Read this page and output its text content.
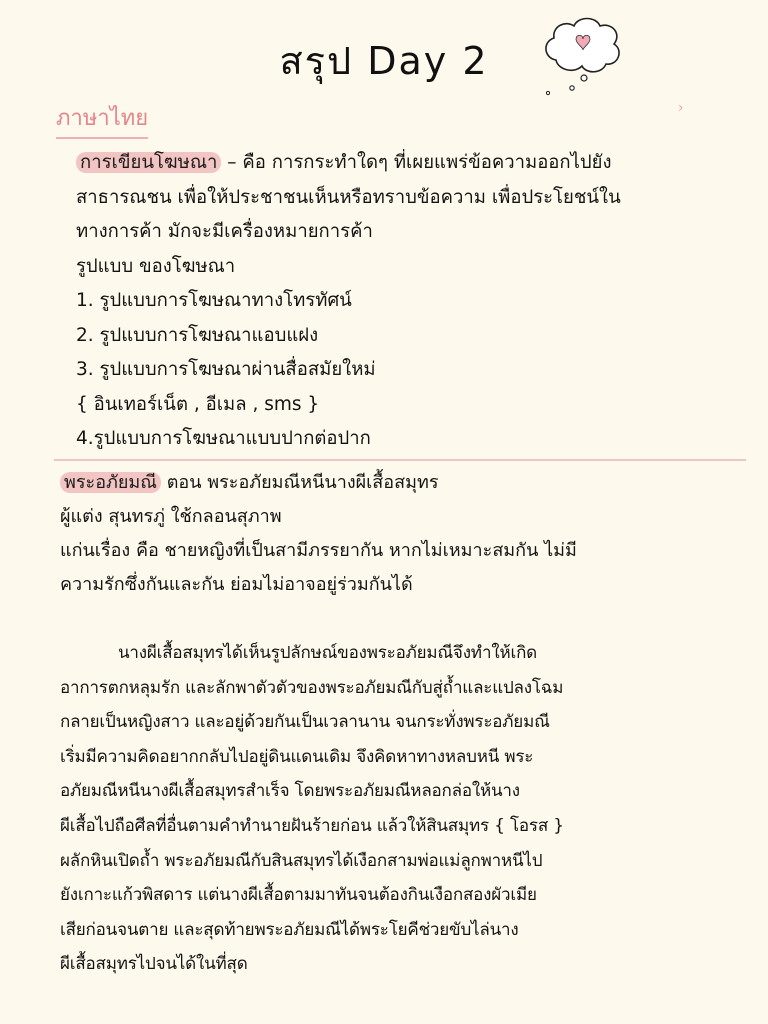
สรุป Day 2
›
ภาษาไทย
การเขียนโฆษณา – คือ การกระทำใดๆ ที่เผยแพร่ข้อความออกไปยัง
สาธารณชน เพื่อให้ประชาชนเห็นหรือทราบข้อความ เพื่อประโยชน์ใน
ทางการค้า มักจะมีเครื่องหมายการค้า
รูปแบบ ของโฆษณา
1. รูปแบบการโฆษณาทางโทรทัศน์
2. รูปแบบการโฆษณาแอบแฝง
3. รูปแบบการโฆษณาผ่านสื่อสมัยใหม่
{ อินเทอร์เน็ต , อีเมล , sms }
4.รูปแบบการโฆษณาแบบปากต่อปาก
พระอภัยมณี ตอน พระอภัยมณีหนีนางผีเสื้อสมุทร
ผู้แต่ง สุนทรภู่ ใช้กลอนสุภาพ
แก่นเรื่อง คือ ชายหญิงที่เป็นสามีภรรยากัน หากไม่เหมาะสมกัน ไม่มี
ความรักซึ่งกันและกัน ย่อมไม่อาจอยู่ร่วมกันได้
นางผีเสื้อสมุทรได้เห็นรูปลักษณ์ของพระอภัยมณีจึงทำให้เกิด
อาการตกหลุมรัก และลักพาตัวตัวของพระอภัยมณีกับสู่ถ้ำและแปลงโฉม
กลายเป็นหญิงสาว และอยู่ด้วยกันเป็นเวลานาน จนกระทั่งพระอภัยมณี
เริ่มมีความคิดอยากกลับไปอยู่ดินแดนเดิม จึงคิดหาทางหลบหนี พระ
อภัยมณีหนีนางผีเสื้อสมุทรสำเร็จ โดยพระอภัยมณีหลอกล่อให้นาง
ผีเสื้อไปถือศีลที่อื่นตามคำทำนายฝันร้ายก่อน แล้วให้สินสมุทร { โอรส }
ผลักหินเปิดถ้ำ พระอภัยมณีกับสินสมุทรได้เงือกสามพ่อแม่ลูกพาหนีไป
ยังเกาะแก้วพิสดาร แต่นางผีเสื้อตามมาทันจนต้องกินเงือกสองผัวเมีย
เสียก่อนจนตาย และสุดท้ายพระอภัยมณีได้พระโยคีช่วยขับไล่นาง
ผีเสื้อสมุทรไปจนได้ในที่สุด
